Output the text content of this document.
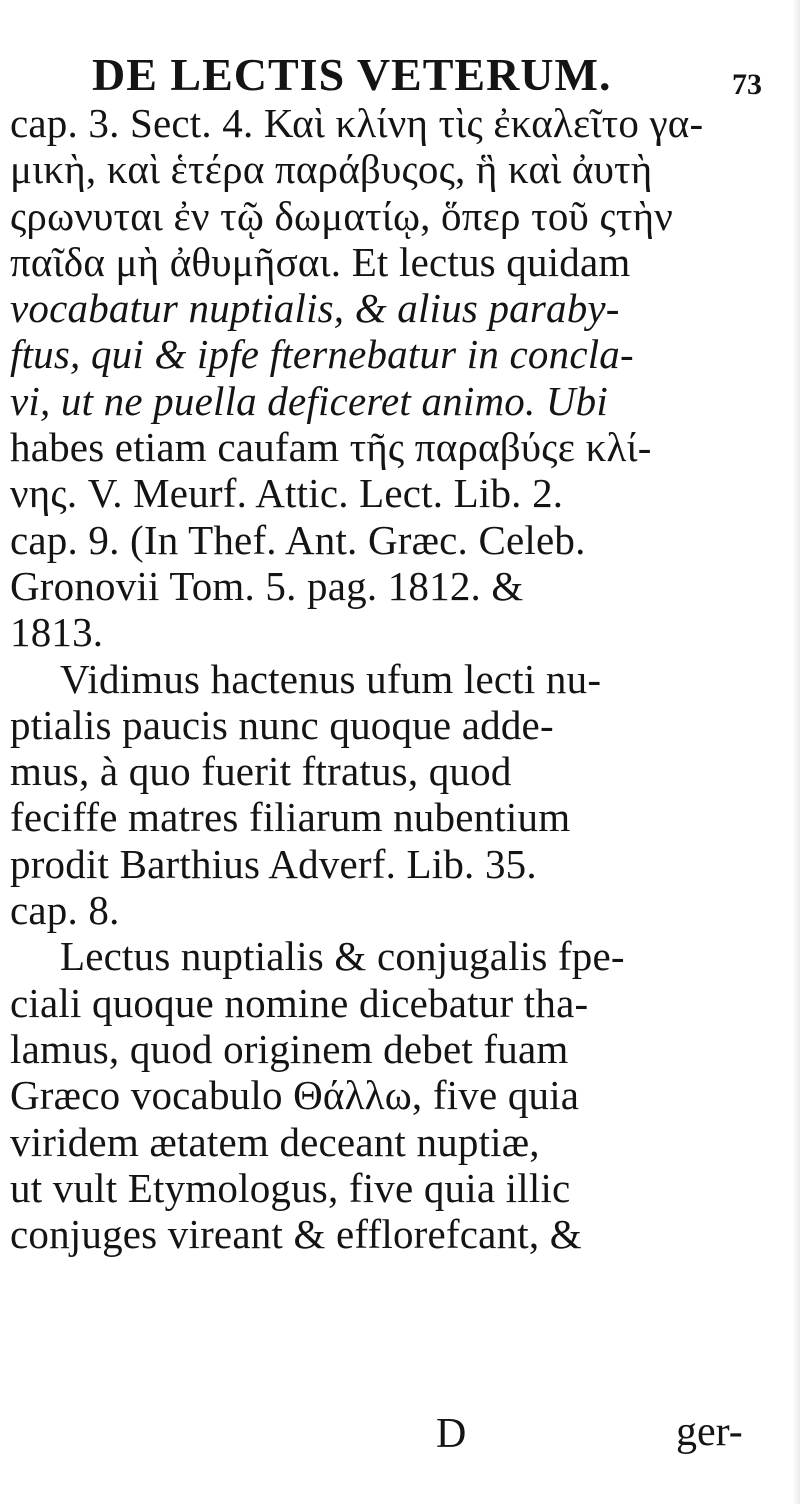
DE LECTIS VETERUM.	73
cap. 3. Sect. 4. Καὶ κλίνη τὶς ἐκαλεῖτο γα-
μικὴ, καὶ ἑτέρα παράβυςος, ἣ καὶ ἀυτὴ
ςρωνυται ἐν τῷ δωματίῳ, ὅπερ τοῦ ςτὴν
παῖδα μὴ ἀθυμῆσαι. Et lectus quidam
vocabatur nuptialis, & alius paraby-
ftus, qui & ipfe fternebatur in concla-
vi, ut ne puella deficeret animo. Ubi
habes etiam caufam τῆς παραβύςε κλί-
νης. V. Meurf. Attic. Lect. Lib. 2.
cap. 9. (In Thef. Ant. Græc. Celeb.
Gronovii Tom. 5. pag. 1812. &
1813.
Vidimus hactenus ufum lecti nu-
ptialis paucis nunc quoque adde-
mus, à quo fuerit ftratus, quod
feciffe matres filiarum nubentium
prodit Barthius Adverf. Lib. 35.
cap. 8.
Lectus nuptialis & conjugalis fpe-
ciali quoque nomine dicebatur tha-
lamus, quod originem debet fuam
Græco vocabulo Θάλλω, five quia
viridem ætatem deceant nuptiæ,
ut vult Etymologus, five quia illic
conjuges vireant & efflorefcant, &
D	ger-
